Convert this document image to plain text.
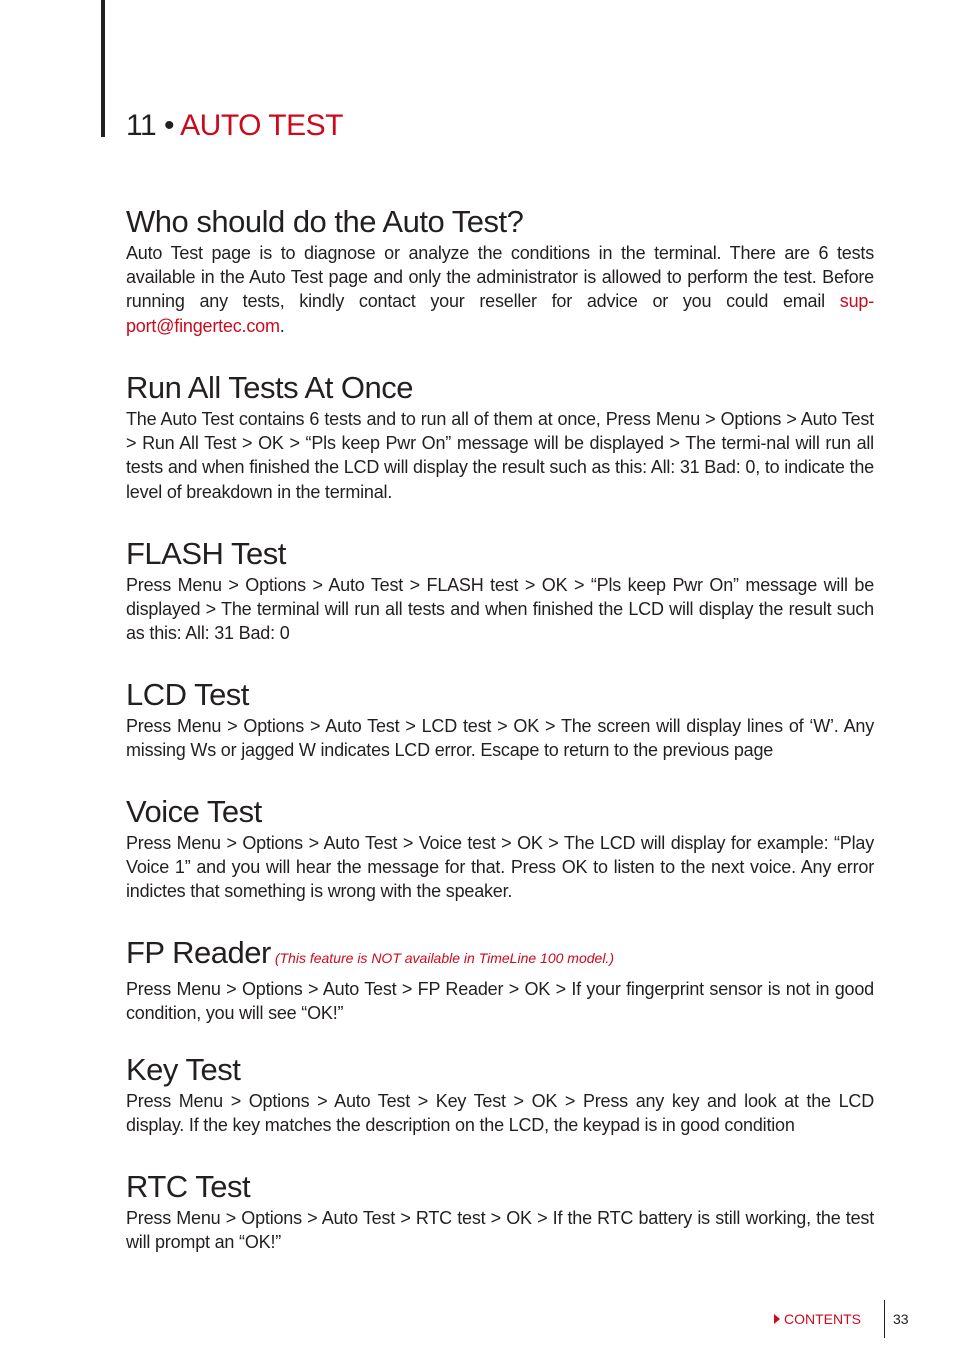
11 • AUTO TEST
Who should do the Auto Test?

Auto Test page is to diagnose or analyze the conditions in the terminal. There are 6 tests available in the Auto Test page and only the administrator is allowed to perform the test. Before running any tests, kindly contact your reseller for advice or you could email sup-port@fingertec.com.

Run All Tests At Once

The Auto Test contains 6 tests and to run all of them at once, Press Menu > Options > Auto Test > Run All Test > OK > “Pls keep Pwr On” message will be displayed > The termi-nal will run all tests and when finished the LCD will display the result such as this: All: 31 Bad: 0, to indicate the level of breakdown in the terminal.

FLASH Test

Press Menu > Options > Auto Test > FLASH test > OK > “Pls keep Pwr On” message will be displayed > The terminal will run all tests and when finished the LCD will display the result such as this: All: 31 Bad: 0

LCD Test

Press Menu > Options > Auto Test > LCD test > OK > The screen will display lines of ‘W’. Any missing Ws or jagged W indicates LCD error. Escape to return to the previous page

Voice Test

Press Menu > Options > Auto Test > Voice test > OK > The LCD will display for example: “Play Voice 1” and you will hear the message for that. Press OK to listen to the next voice. Any error indictes that something is wrong with the speaker.

FP Reader (This feature is NOT available in TimeLine 100 model.)

Press Menu > Options > Auto Test > FP Reader > OK > If your fingerprint sensor is not in good condition, you will see “OK!”

Key Test

Press Menu > Options > Auto Test > Key Test > OK > Press any key and look at the LCD display. If the key matches the description on the LCD, the keypad is in good condition

RTC Test

Press Menu > Options > Auto Test > RTC test > OK > If the RTC battery is still working, the test will prompt an “OK!”

CONTENTS 33
